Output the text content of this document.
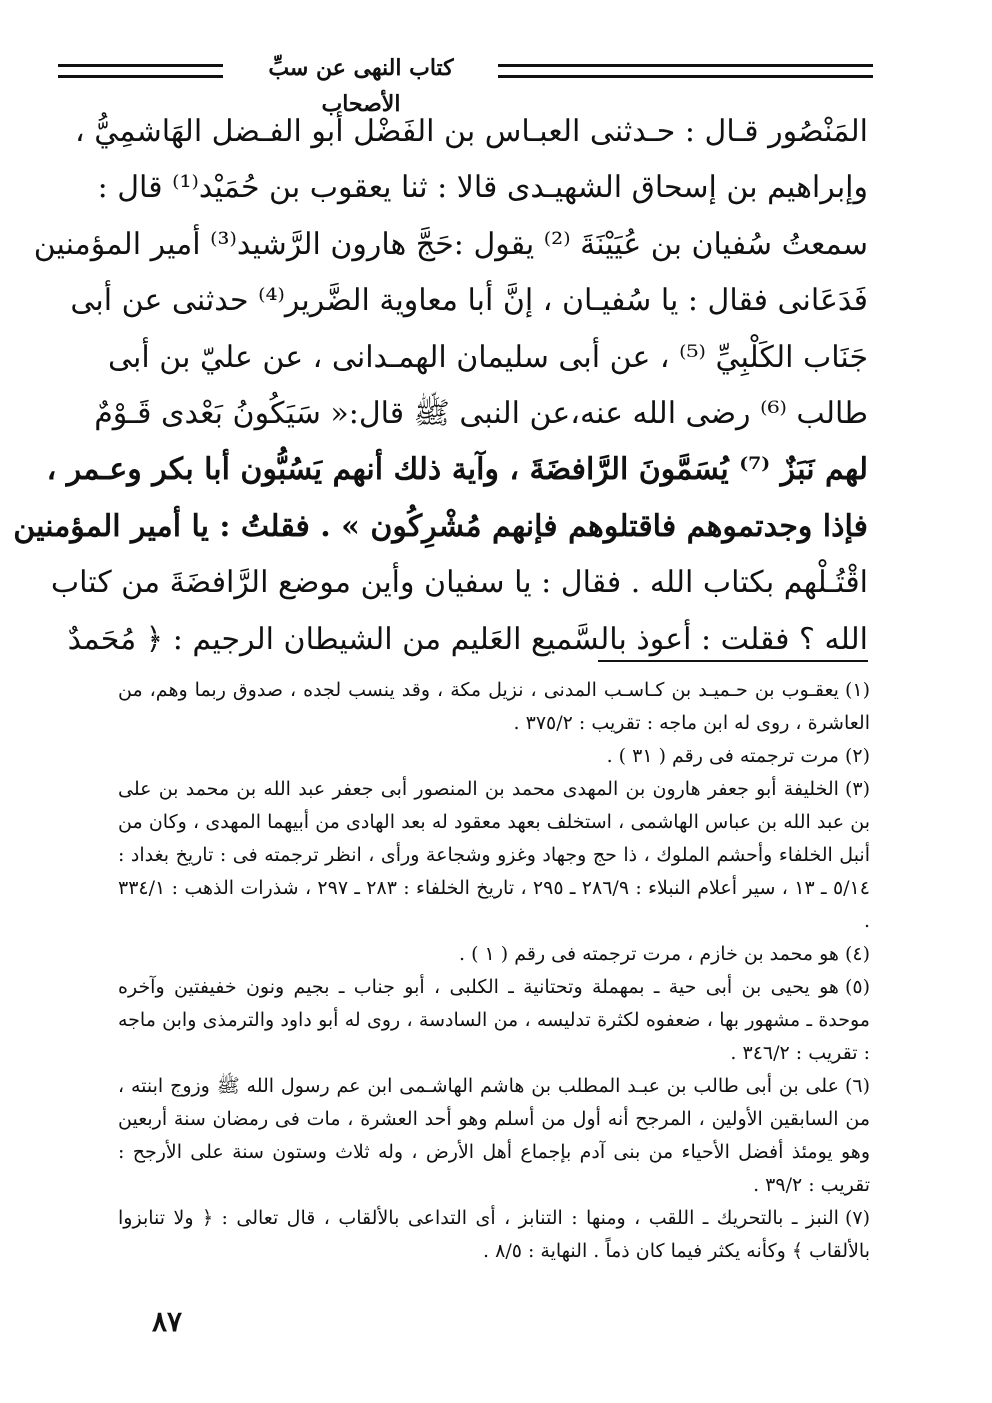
كتاب النهى عن سبِّ الأصحاب
المَنْصُور قـال : حـدثنى العبـاس بن الفَضْل أبو الفـضل الهَاشمِيُّ ،
وإبراهيم بن إسحاق الشهيـدى قالا : ثنا يعقوب بن حُمَيْد⁽¹⁾ قال :
سمعتُ سُفيان بن عُيَيْنَةَ ⁽²⁾ يقول :حَجَّ هارون الرَّشيد⁽³⁾ أمير المؤمنين
فَدَعَانى فقال : يا سُفيـان ، إنَّ أبا معاوية الضَّرير⁽⁴⁾ حدثنى عن أبى
جَنَاب الكَلْبِيِّ ⁽⁵⁾ ، عن أبى سليمان الهمـدانى ، عن عليّ بن أبى
طالب ⁽⁶⁾ رضى الله عنه،عن النبى ﷺ قال:« سَيَكُونُ بَعْدى قَـوْمٌ
لهم نَبَزٌ ⁽⁷⁾ يُسَمَّونَ الرَّافضَةَ ، وآية ذلك أنهم يَسُبُّون أبا بكر وعـمر ،
فإذا وجدتموهم فاقتلوهم فإنهم مُشْرِكُون » . فقلتُ : يا أمير المؤمنين
اقْتُـلْهم بكتاب الله . فقال : يا سفيان وأين موضع الرَّافضَةَ من كتاب
الله ؟ فقلت : أعوذ بالسَّميع العَليم من الشيطان الرجيم : ﴿ مُحَمدٌ
(١)يعقـوب بن حـميـد بن كـاسـب المدنى ، نزيل مكة ، وقد ينسب لجده ، صدوق ربما وهم، من العاشرة ، روى له ابن ماجه : تقريب : ٣٧٥/٢ .
(٢)مرت ترجمته فى رقم ( ٣١ ) .
(٣)الخليفة أبو جعفر هارون بن المهدى محمد بن المنصور أبى جعفر عبد الله بن محمد بن على بن عبد الله بن عباس الهاشمى ، استخلف بعهد معقود له بعد الهادى من أبيهما المهدى ، وكان من أنبل الخلفاء وأحشم الملوك ، ذا حج وجهاد وغزو وشجاعة ورأى ، انظر ترجمته فى : تاريخ بغداد : ٥/١٤ ـ ١٣ ، سير أعلام النبلاء : ٢٨٦/٩ ـ ٢٩٥ ، تاريخ الخلفاء : ٢٨٣ ـ ٢٩٧ ، شذرات الذهب : ٣٣٤/١ .
(٤)هو محمد بن خازم ، مرت ترجمته فى رقم ( ١ ) .
(٥)هو يحيى بن أبى حية ـ بمهملة وتحتانية ـ الكلبى ، أبو جناب ـ بجيم ونون خفيفتين وآخره موحدة ـ مشهور بها ، ضعفوه لكثرة تدليسه ، من السادسة ، روى له أبو داود والترمذى وابن ماجه : تقريب : ٣٤٦/٢ .
(٦)على بن أبى طالب بن عبـد المطلب بن هاشم الهاشـمى ابن عم رسول الله ﷺ وزوج ابنته ، من السابقين الأولين ، المرجح أنه أول من أسلم وهو أحد العشرة ، مات فى رمضان سنة أربعين وهو يومئذ أفضل الأحياء من بنى آدم بإجماع أهل الأرض ، وله ثلاث وستون سنة على الأرجح : تقريب : ٣٩/٢ .
(٧)النبز ـ بالتحريك ـ اللقب ، ومنها : التنابز ، أى التداعى بالألقاب ، قال تعالى : ﴿ ولا تنابزوا بالألقاب ﴾ وكأنه يكثر فيما كان ذماً . النهاية : ٨/٥ .
٨٧
